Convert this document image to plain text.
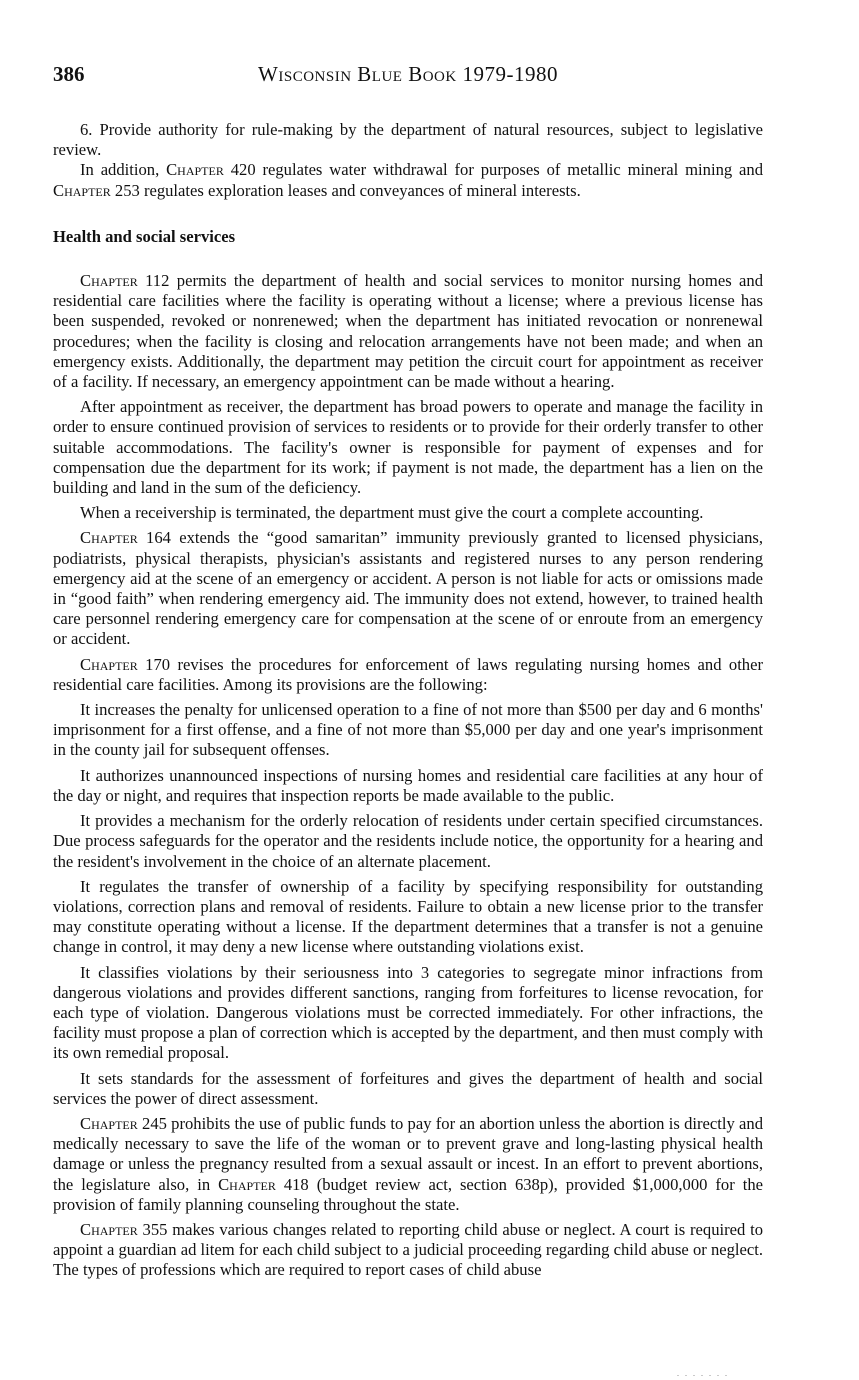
386	Wisconsin Blue Book 1979-1980

6. Provide authority for rule-making by the department of natural resources, subject to legislative review.

In addition, Chapter 420 regulates water withdrawal for purposes of metallic mineral mining and Chapter 253 regulates exploration leases and conveyances of mineral interests.

Health and social services

Chapter 112 permits the department of health and social services to monitor nursing homes and residential care facilities where the facility is operating without a license; where a previous license has been suspended, revoked or nonrenewed; when the department has initiated revocation or nonrenewal procedures; when the facility is closing and relocation arrangements have not been made; and when an emergency exists. Additionally, the department may petition the circuit court for appointment as receiver of a facility. If necessary, an emergency appointment can be made without a hearing.

After appointment as receiver, the department has broad powers to operate and manage the facility in order to ensure continued provision of services to residents or to provide for their orderly transfer to other suitable accommodations. The facility's owner is responsible for payment of expenses and for compensation due the department for its work; if payment is not made, the department has a lien on the building and land in the sum of the deficiency.

When a receivership is terminated, the department must give the court a complete accounting.

Chapter 164 extends the “good samaritan” immunity previously granted to licensed physicians, podiatrists, physical therapists, physician's assistants and registered nurses to any person rendering emergency aid at the scene of an emergency or accident. A person is not liable for acts or omissions made in “good faith” when rendering emergency aid. The immunity does not extend, however, to trained health care personnel rendering emergency care for compensation at the scene of or enroute from an emergency or accident.

Chapter 170 revises the procedures for enforcement of laws regulating nursing homes and other residential care facilities. Among its provisions are the following:

It increases the penalty for unlicensed operation to a fine of not more than $500 per day and 6 months' imprisonment for a first offense, and a fine of not more than $5,000 per day and one year's imprisonment in the county jail for subsequent offenses.

It authorizes unannounced inspections of nursing homes and residential care facilities at any hour of the day or night, and requires that inspection reports be made available to the public.

It provides a mechanism for the orderly relocation of residents under certain specified circumstances. Due process safeguards for the operator and the residents include notice, the opportunity for a hearing and the resident's involvement in the choice of an alternate placement.

It regulates the transfer of ownership of a facility by specifying responsibility for outstanding violations, correction plans and removal of residents. Failure to obtain a new license prior to the transfer may constitute operating without a license. If the department determines that a transfer is not a genuine change in control, it may deny a new license where outstanding violations exist.

It classifies violations by their seriousness into 3 categories to segregate minor infractions from dangerous violations and provides different sanctions, ranging from forfeitures to license revocation, for each type of violation. Dangerous violations must be corrected immediately. For other infractions, the facility must propose a plan of correction which is accepted by the department, and then must comply with its own remedial proposal.

It sets standards for the assessment of forfeitures and gives the department of health and social services the power of direct assessment.

Chapter 245 prohibits the use of public funds to pay for an abortion unless the abortion is directly and medically necessary to save the life of the woman or to prevent grave and long-lasting physical health damage or unless the pregnancy resulted from a sexual assault or incest. In an effort to prevent abortions, the legislature also, in Chapter 418 (budget review act, section 638p), provided $1,000,000 for the provision of family planning counseling throughout the state.

Chapter 355 makes various changes related to reporting child abuse or neglect. A court is required to appoint a guardian ad litem for each child subject to a judicial proceeding regarding child abuse or neglect. The types of professions which are required to report cases of child abuse

. . . . . . .
